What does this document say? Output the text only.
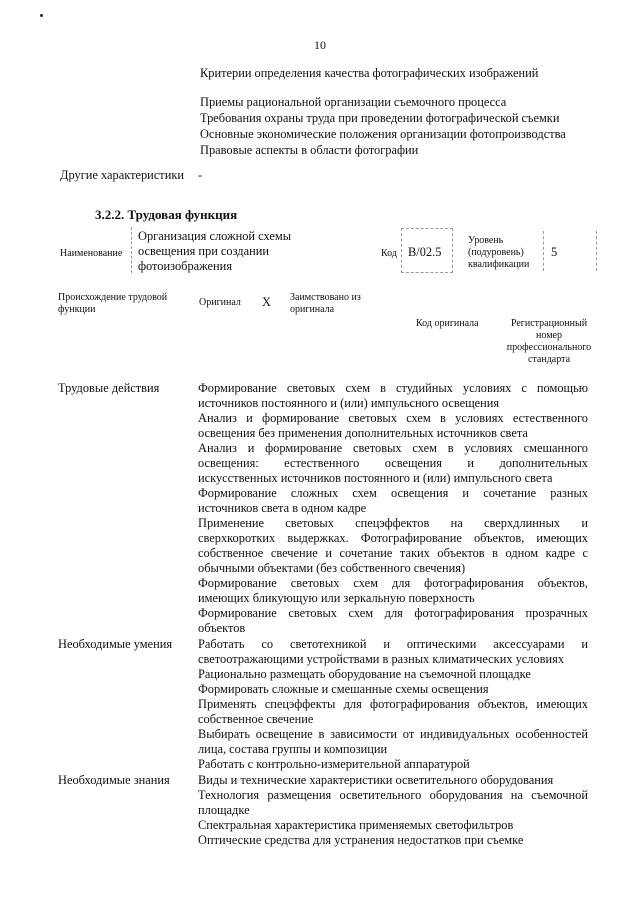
10
Критерии определения качества фотографических изображений
Приемы рациональной организации съемочного процесса
Требования охраны труда при проведении фотографической съемки
Основные экономические положения организации фотопроизводства
Правовые аспекты в области фотографии
Другие характеристики -
3.2.2. Трудовая функция
Наименование
Организация сложной схемы
освещения при создании
фотоизображения
Код B/02.5
Уровень
(подуровень)
квалификации
5
Происхождение трудовой
функции
Оригинал X Заимствовано из
оригинала
Код оригинала	Регистрационный
номер
профессионального
стандарта
Трудовые действия	Формирование световых схем в студийных условиях с помощью
источников постоянного и (или) импульсного освещения
Анализ и формирование световых схем в условиях естественного
освещения без применения дополнительных источников света
Анализ и формирование световых схем в условиях смешанного
освещения: естественного освещения и дополнительных
искусственных источников постоянного и (или) импульсного света
Формирование сложных схем освещения и сочетание разных
источников света в одном кадре
Применение световых спецэффектов на сверхдлинных и
сверхкоротких выдержках. Фотографирование объектов, имеющих
собственное свечение и сочетание таких объектов в одном кадре с
обычными объектами (без собственного свечения)
Формирование световых схем для фотографирования объектов,
имеющих бликующую или зеркальную поверхность
Формирование световых схем для фотографирования прозрачных
объектов
Необходимые умения Работать со светотехникой и оптическими аксессуарами и
светоотражающими устройствами в разных климатических условиях
Рационально размещать оборудование на съемочной площадке
Формировать сложные и смешанные схемы освещения
Применять спецэффекты для фотографирования объектов, имеющих
собственное свечение
Выбирать освещение в зависимости от индивидуальных особенностей
лица, состава группы и композиции
Работать с контрольно-измерительной аппаратурой
Необходимые знания Виды и технические характеристики осветительного оборудования
Технология размещения осветительного оборудования на съемочной
площадке
Спектральная характеристика применяемых светофильтров
Оптические средства для устранения недостатков при съемке
